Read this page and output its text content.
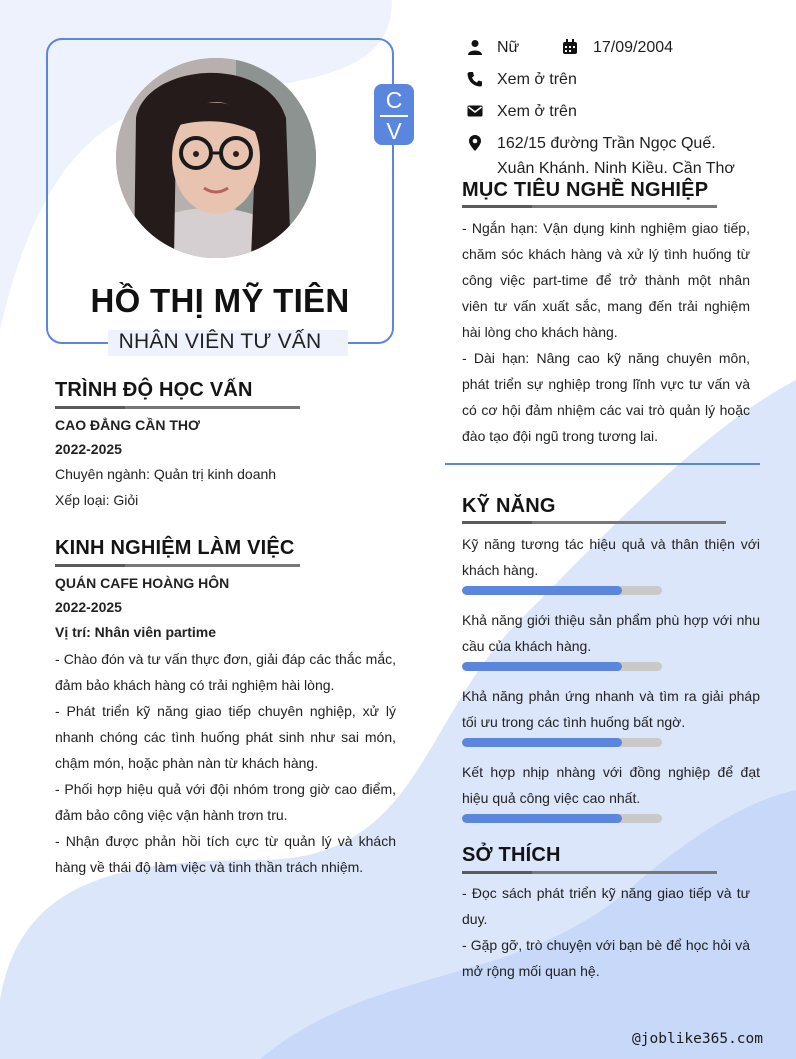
C
V
HỒ THỊ MỸ TIÊN
NHÂN VIÊN TƯ VẤN
Nữ	17/09/2004
Xem ở trên
Xem ở trên
162/15 đường Trần Ngọc Quế.
Xuân Khánh. Ninh Kiều. Cần Thơ
TRÌNH ĐỘ HỌC VẤN
CAO ĐẲNG CẦN THƠ
2022-2025
Chuyên ngành: Quản trị kinh doanh
Xếp loại: Giỏi
KINH NGHIỆM LÀM VIỆC
QUÁN CAFE HOÀNG HÔN
2022-2025
Vị trí: Nhân viên partime

- Chào đón và tư vấn thực đơn, giải đáp các thắc mắc, đảm bảo khách hàng có trải nghiệm hài lòng.

- Phát triển kỹ năng giao tiếp chuyên nghiệp, xử lý nhanh chóng các tình huống phát sinh như sai món, chậm món, hoặc phàn nàn từ khách hàng.

- Phối hợp hiệu quả với đội nhóm trong giờ cao điểm, đảm bảo công việc vận hành trơn tru.

- Nhận được phản hồi tích cực từ quản lý và khách hàng về thái độ làm việc và tinh thần trách nhiệm.

MỤC TIÊU NGHỀ NGHIỆP

- Ngắn hạn: Vận dụng kinh nghiệm giao tiếp, chăm sóc khách hàng và xử lý tình huống từ công việc part-time để trở thành một nhân viên tư vấn xuất sắc, mang đến trải nghiệm hài lòng cho khách hàng.

- Dài hạn: Nâng cao kỹ năng chuyên môn, phát triển sự nghiệp trong lĩnh vực tư vấn và có cơ hội đảm nhiệm các vai trò quản lý hoặc đào tạo đội ngũ trong tương lai.

KỸ NĂNG

Kỹ năng tương tác hiệu quả và thân thiện với khách hàng.

Khả năng giới thiệu sản phẩm phù hợp với nhu cầu của khách hàng.

Khả năng phản ứng nhanh và tìm ra giải pháp tối ưu trong các tình huống bất ngờ.

Kết hợp nhịp nhàng với đồng nghiệp để đạt hiệu quả công việc cao nhất.

SỞ THÍCH

- Đọc sách phát triển kỹ năng giao tiếp và tư duy.

- Gặp gỡ, trò chuyện với bạn bè để học hỏi và mở rộng mối quan hệ.

@joblike365.com
